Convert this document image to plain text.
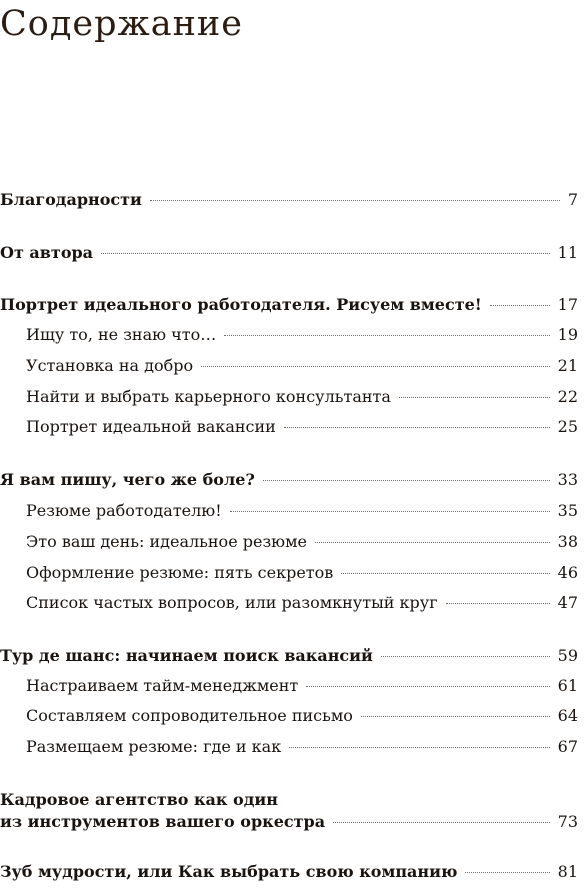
Содержание
Благодарности	7
От автора	11
Портрет идеального работодателя. Рисуем вместе!	17
Ищу то, не знаю что…	19
Установка на добро	21
Найти и выбрать карьерного консультанта	22
Портрет идеальной вакансии	25
Я вам пишу, чего же боле?	33
Резюме работодателю!	35
Это ваш день: идеальное резюме	38
Оформление резюме: пять секретов	46
Список частых вопросов, или разомкнутый круг	47
Тур де шанс: начинаем поиск вакансий	59
Настраиваем тайм-менеджмент	61
Составляем сопроводительное письмо	64
Размещаем резюме: где и как	67
Кадровое агентство как один
из инструментов вашего оркестра	73
Зуб мудрости, или Как выбрать свою компанию	81
